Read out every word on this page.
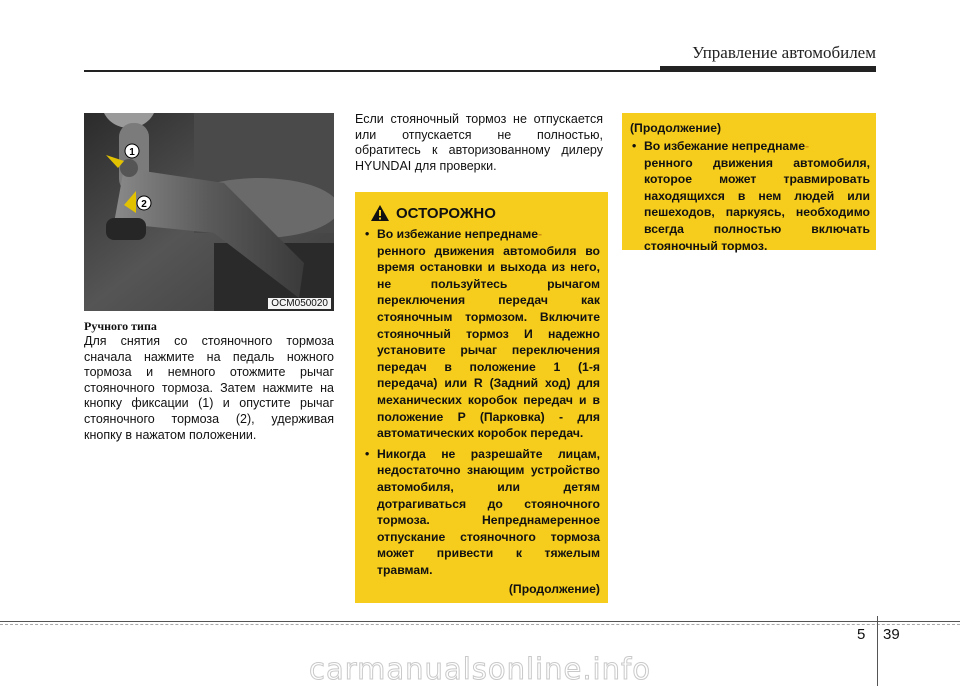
Управление автомобилем
1
2
OCM050020
Ручного типа
Для снятия со стояночного тормоза сначала нажмите на педаль ножного тормоза и немного отожмите рычаг стояночного тормоза. Затем нажмите на кнопку фиксации (1) и опустите рычаг стояночного тормоза (2), удерживая кнопку в нажатом положении.
Если стояночный тормоз не отпускается или отпускается не полностью, обратитесь к авторизованному дилеру HYUNDAI для проверки.
ОСТОРОЖНО
• Во избежание непреднаме-
ренного движения автомобиля во время остановки и выхода из него, не пользуйтесь рычагом переключения передач как стояночным тормозом. Включите стояночный тормоз И надежно установите рычаг переключения передач в положение 1 (1-я передача) или R (Задний ход) для механических коробок передач и в положение P (Парковка) - для автоматических коробок передач.
• Никогда не разрешайте лицам, недостаточно знающим устройство автомобиля, или детям дотрагиваться до стояночного тормоза. Непреднамеренное отпускание стояночного тормоза может привести к тяжелым травмам.
(Продолжение)
(Продолжение)
• Во избежание непреднаме-
ренного движения автомобиля, которое может травмировать находящихся в нем людей или пешеходов, паркуясь, необходимо всегда полностью включать стояночный тормоз.
5 39
carmanualsonline.info
